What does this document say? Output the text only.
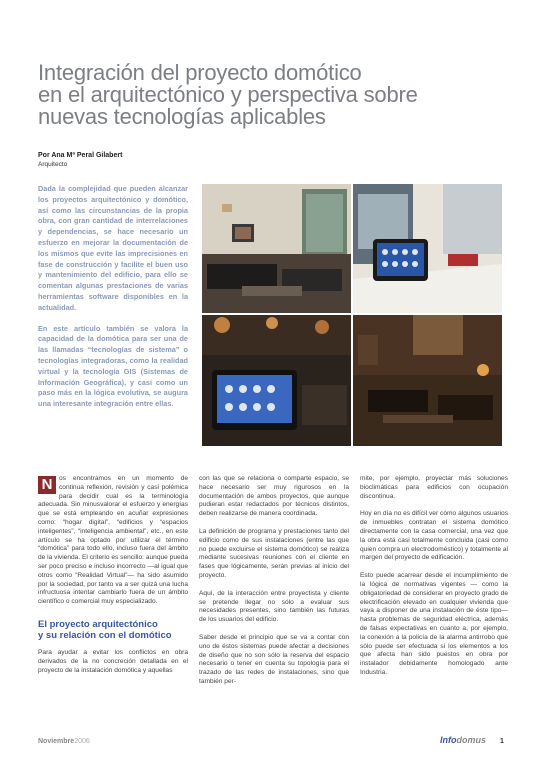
Integración del proyecto domótico
en el arquitectónico y perspectiva sobre
nuevas tecnologías aplicables
Por Ana Mª Peral Gilabert
Arquitecto

Dada la complejidad que pueden alcanzar los proyectos arquitectónico y domótico, así como las circunstancias de la propia obra, con gran cantidad de interrelaciones y dependencias, se hace necesario un esfuerzo en mejorar la documentación de los mismos que evite las imprecisiones en fase de construcción y facilite el buen uso y mantenimiento del edificio, para ello se comentan algunas prestaciones de varias herramientas software disponibles en la actualidad.

En este artículo también se valora la capacidad de la domótica para ser una de las llamadas “tecnologías de sistema” o tecnologías integradoras, como la realidad virtual y la tecnología GIS (Sistemas de Información Geográfica), y casi como un paso más en la lógica evolutiva, se augura una interesante integración entre ellas.

N os encontramos en un momento de continua reflexión, revisión y casi polémica para decidir cual es la terminología adecuada. Sin minusvalorar el esfuerzo y energías que se está empleando en acuñar expresiones como: “hogar digital”, “edificios y “espacios inteligentes”, “inteligencia ambiental”, etc., en este artículo se ha optado por utilizar el término “domótica” para todo ello, incluso fuera del ámbito de la vivienda. El criterio es sencillo: aunque pueda ser poco preciso e incluso incorrecto —al igual que otros como “Realidad Virtual”— ha sido asumido por la sociedad, por tanto va a ser quizá una lucha infructuosa intentar cambiarlo fuera de un ámbito científico o comercial muy especializado.

El proyecto arquitectónico
y su relación con el domótico

Para ayudar a evitar los conflictos en obra derivados de la no concreción detallada en el proyecto de la instalación domótica y aquellas

con las que se relaciona o comparte espacio, se hace necesario ser muy rigurosos en la documentación de ambos proyectos, que aunque pudieran estar redactados por técnicos distintos, deben realizarse de manera coordinada.

La definición de programa y prestaciones tanto del edificio como de sus instalaciones (entre las que no puede excluirse el sistema domótico) se realiza mediante sucesivas reuniones con el cliente en fases que lógicamente, serán previas al inicio del proyecto.

Aquí, de la interacción entre proyectista y cliente se pretende llegar no sólo a evaluar sus necesidades presentes, sino también las futuras de los usuarios del edificio.

Saber desde el principio que se va a contar con uno de éstos sistemas puede afectar a decisiones de diseño que no son sólo la reserva del espacio necesario o tener en cuenta su topología para el trazado de las redes de instalaciones, sino que también per-

mite, por ejemplo, proyectar más soluciones bioclimáticas para edificios con ocupación discontinua.

Hoy en día no es difícil ver cómo algunos usuarios de inmuebles contratan el sistema domótico directamente con la casa comercial, una vez que la obra está casi totalmente concluida (casi como quien compra un electrodoméstico) y totalmente al margen del proyecto de edificación.

Esto puede acarrear desde el incumplimiento de la lógica de normativas vigentes — como la obligatoriedad de considerar en proyecto grado de electrificación elevado en cualquier vivienda que vaya a disponer de una instalación de éste tipo— hasta problemas de seguridad eléctrica, además de falsas expectativas en cuanto a, por ejemplo, la conexión a la policía de la alarma antirrobo que sólo puede ser efectuada si los elementos a los que afecta han sido puestos en obra por instalador debidamente homologado ante Industria.

Noviembre2006	Infodomus 1
